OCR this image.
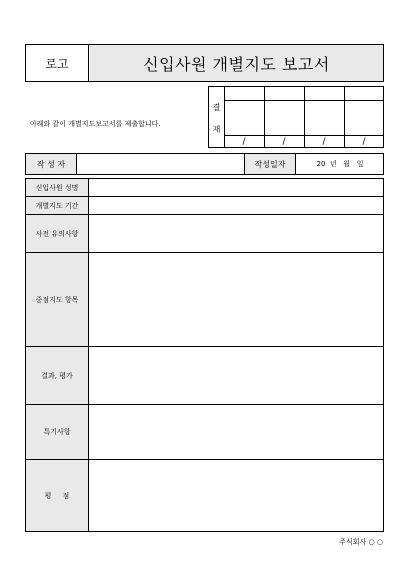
로고	신입사원 개별지도 보고서
아래와 같이 개별지도보고서를 제출합니다.
결
재
/	/	/	/
작 성 자	작성일자	20  년   월   일
신입사원 성명
개별지도 기간
사전 유의사항
중점지도 항목
결과, 평가
특기사항
평     점
주식회사 ○ ○
